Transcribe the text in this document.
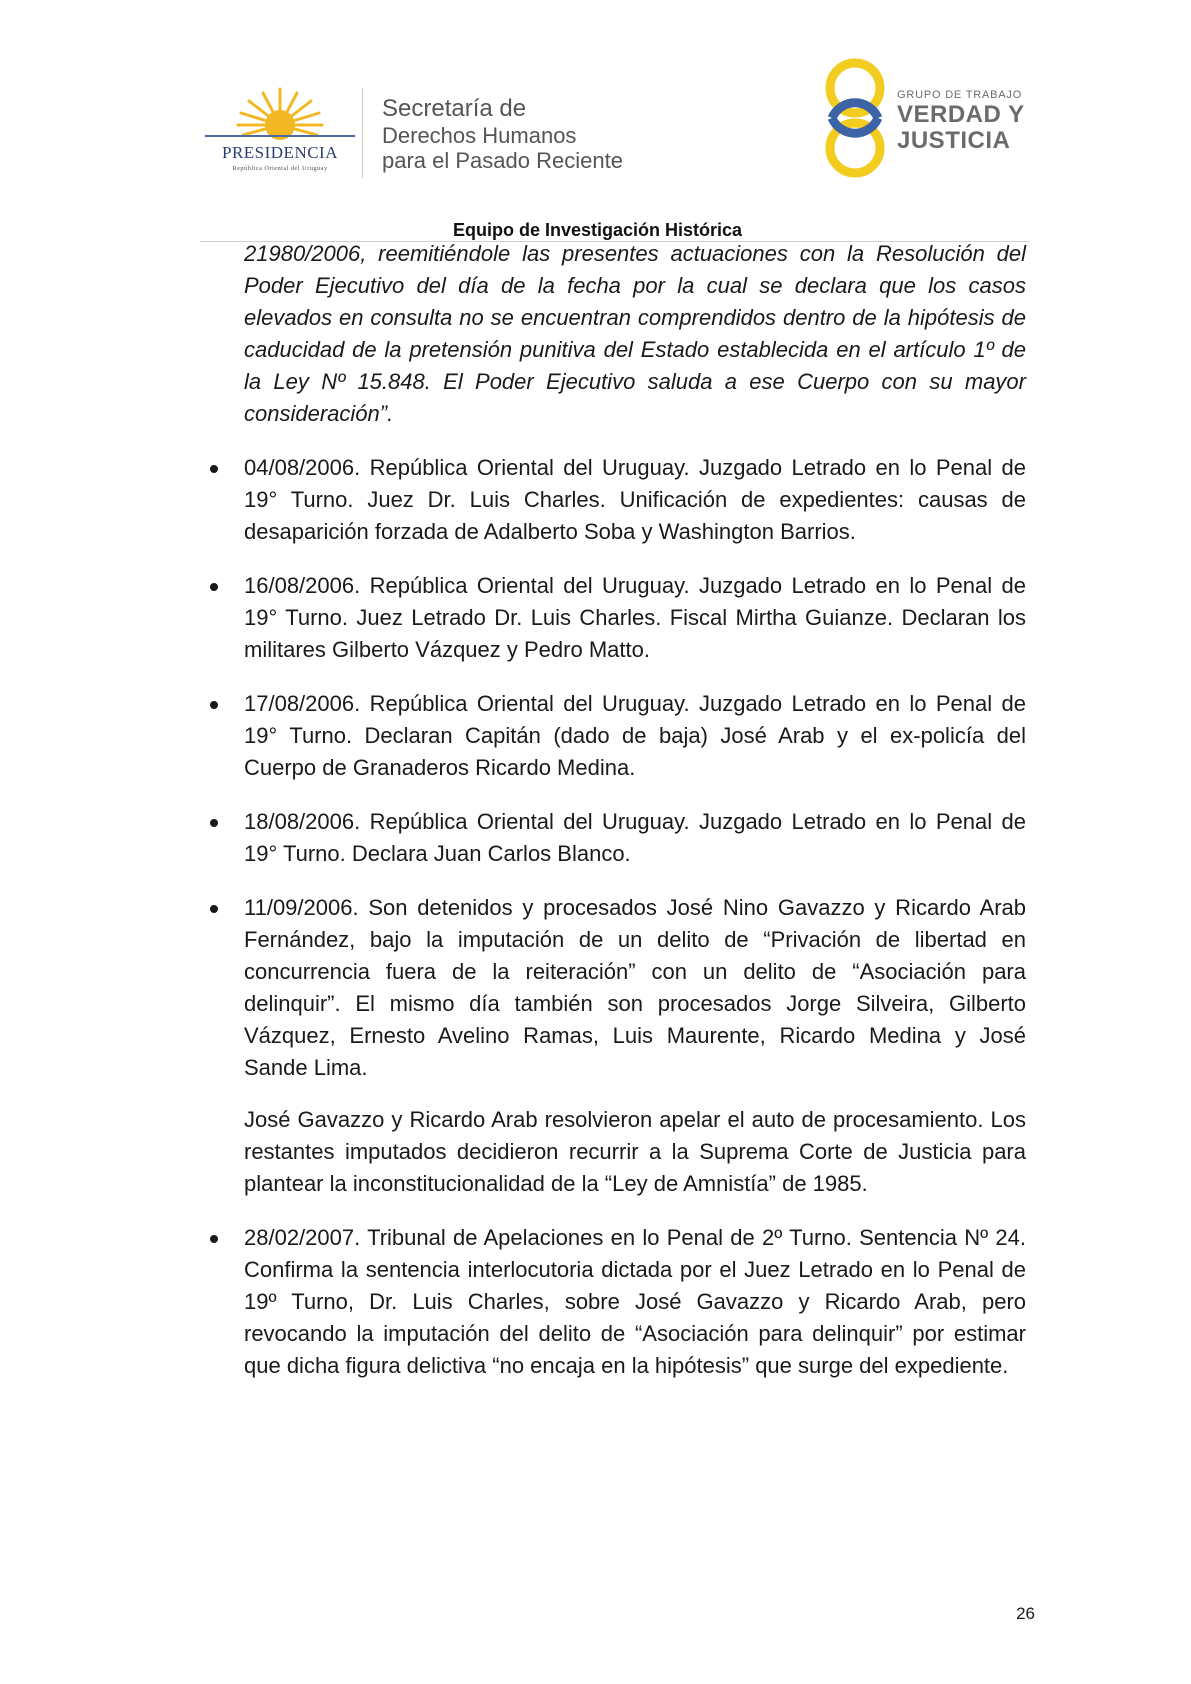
PRESIDENCIA
República Oriental del Uruguay
Secretaría de
Derechos Humanos
para el Pasado Reciente
GRUPO DE TRABAJO
VERDAD Y
JUSTICIA
Equipo de Investigación Histórica

21980/2006, reemitiéndole las presentes actuaciones con la Resolución del Poder Ejecutivo del día de la fecha por la cual se declara que los casos elevados en consulta no se encuentran comprendidos dentro de la hipótesis de caducidad de la pretensión punitiva del Estado establecida en el artículo 1º de la Ley Nº 15.848. El Poder Ejecutivo saluda a ese Cuerpo con su mayor consideración”.

04/08/2006. República Oriental del Uruguay. Juzgado Letrado en lo Penal de 19° Turno. Juez Dr. Luis Charles. Unificación de expedientes: causas de desaparición forzada de Adalberto Soba y Washington Barrios.

16/08/2006. República Oriental del Uruguay. Juzgado Letrado en lo Penal de 19° Turno. Juez Letrado Dr. Luis Charles. Fiscal Mirtha Guianze. Declaran los militares Gilberto Vázquez y Pedro Matto.

17/08/2006. República Oriental del Uruguay. Juzgado Letrado en lo Penal de 19° Turno. Declaran Capitán (dado de baja) José Arab y el ex-policía del Cuerpo de Granaderos Ricardo Medina.

18/08/2006. República Oriental del Uruguay. Juzgado Letrado en lo Penal de 19° Turno. Declara Juan Carlos Blanco.

11/09/2006. Son detenidos y procesados José Nino Gavazzo y Ricardo Arab Fernández, bajo la imputación de un delito de “Privación de libertad en concurrencia fuera de la reiteración” con un delito de “Asociación para delinquir”. El mismo día también son procesados Jorge Silveira, Gilberto Vázquez, Ernesto Avelino Ramas, Luis Maurente, Ricardo Medina y José Sande Lima.

José Gavazzo y Ricardo Arab resolvieron apelar el auto de procesamiento. Los restantes imputados decidieron recurrir a la Suprema Corte de Justicia para plantear la inconstitucionalidad de la “Ley de Amnistía” de 1985.

28/02/2007. Tribunal de Apelaciones en lo Penal de 2º Turno. Sentencia Nº 24. Confirma la sentencia interlocutoria dictada por el Juez Letrado en lo Penal de 19º Turno, Dr. Luis Charles, sobre José Gavazzo y Ricardo Arab, pero revocando la imputación del delito de “Asociación para delinquir” por estimar que dicha figura delictiva “no encaja en la hipótesis” que surge del expediente.

26
